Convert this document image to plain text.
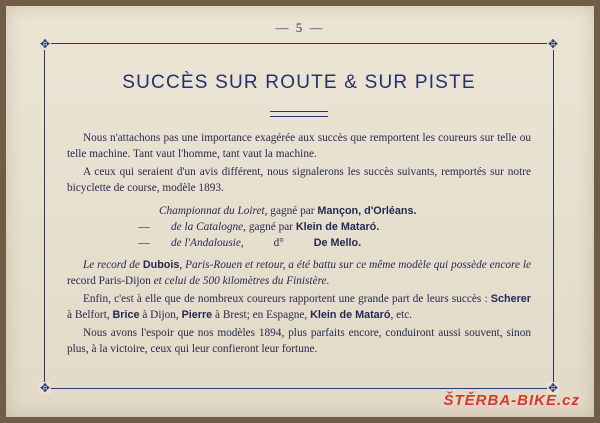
— 5 —
✥	✥
✥	✥
SUCCÈS SUR ROUTE & SUR PISTE

Nous n'attachons pas une importance exagérée aux succès que remportent les coureurs sur telle ou telle machine. Tant vaut l'homme, tant vaut la machine.

A ceux qui seraient d'un avis différent, nous signalerons les succès suivants, remportés sur notre bicyclette de course, modèle 1893.

Championnat du Loiret, gagné par Mançon, d'Orléans.
— de la Catalogne, gagné par Klein de Mataró.
— de l'Andalousie,	d°	De Mello.

Le record de Dubois, Paris-Rouen et retour, a été battu sur ce même modèle qui possède encore le record Paris-Dijon et celui de 500 kilomètres du Finistère.

Enfin, c'est à elle que de nombreux coureurs rapportent une grande part de leurs succès : Scherer à Belfort, Brice à Dijon, Pierre à Brest; en Espagne, Klein de Mataró, etc.

Nous avons l'espoir que nos modèles 1894, plus parfaits encore, conduiront aussi souvent, sinon plus, à la victoire, ceux qui leur confieront leur fortune.

ŠTĚRBA-BIKE.cz
